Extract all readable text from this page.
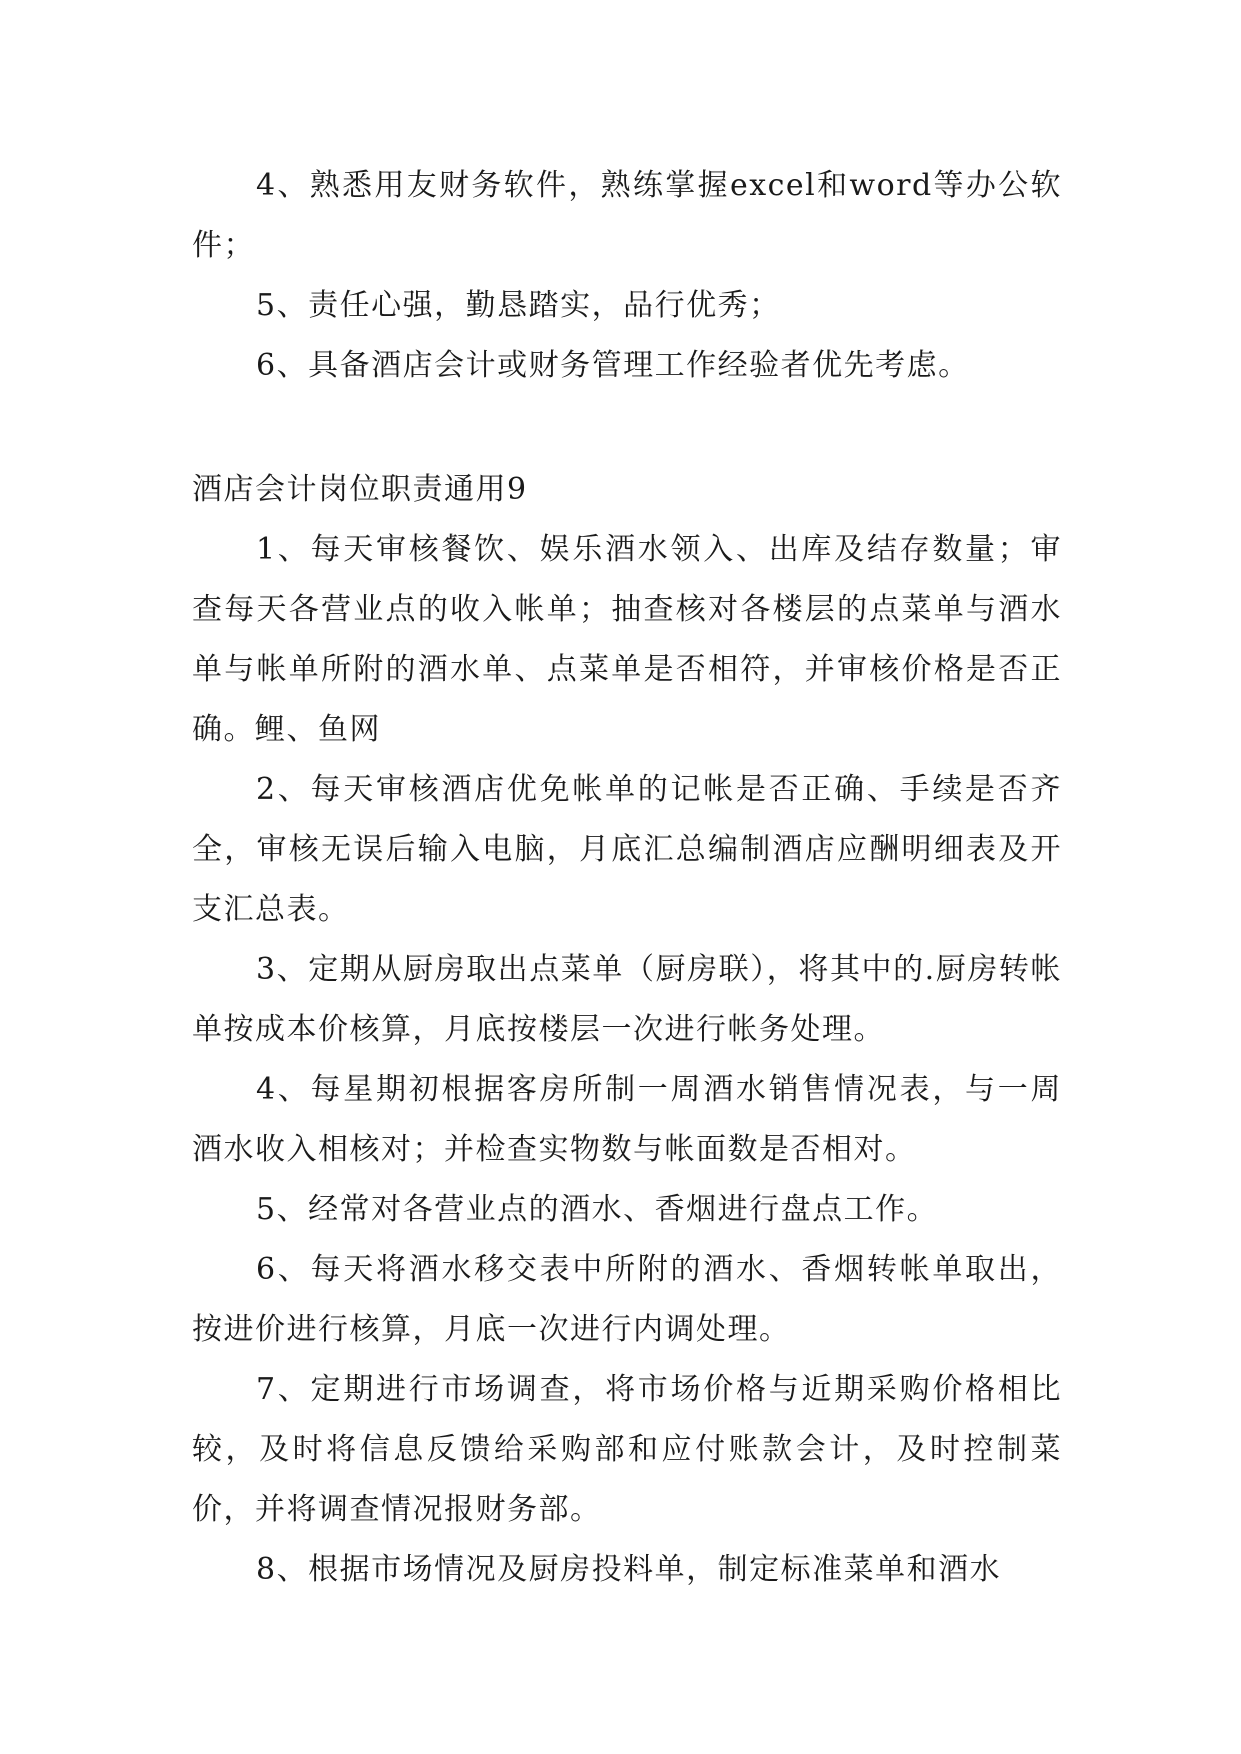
4、熟悉用友财务软件，熟练掌握excel和word等办公软件；

5、责任心强，勤恳踏实，品行优秀；

6、具备酒店会计或财务管理工作经验者优先考虑。

酒店会计岗位职责通用9

1、每天审核餐饮、娱乐酒水领入、出库及结存数量；审查每天各营业点的收入帐单；抽查核对各楼层的点菜单与酒水单与帐单所附的酒水单、点菜单是否相符，并审核价格是否正确。鲤、鱼网

2、每天审核酒店优免帐单的记帐是否正确、手续是否齐全，审核无误后输入电脑，月底汇总编制酒店应酬明细表及开支汇总表。

3、定期从厨房取出点菜单（厨房联），将其中的.厨房转帐单按成本价核算，月底按楼层一次进行帐务处理。

4、每星期初根据客房所制一周酒水销售情况表，与一周酒水收入相核对；并检查实物数与帐面数是否相对。

5、经常对各营业点的酒水、香烟进行盘点工作。

6、每天将酒水移交表中所附的酒水、香烟转帐单取出，按进价进行核算，月底一次进行内调处理。

7、定期进行市场调查，将市场价格与近期采购价格相比较，及时将信息反馈给采购部和应付账款会计，及时控制菜价，并将调查情况报财务部。

8、根据市场情况及厨房投料单，制定标准菜单和酒水
